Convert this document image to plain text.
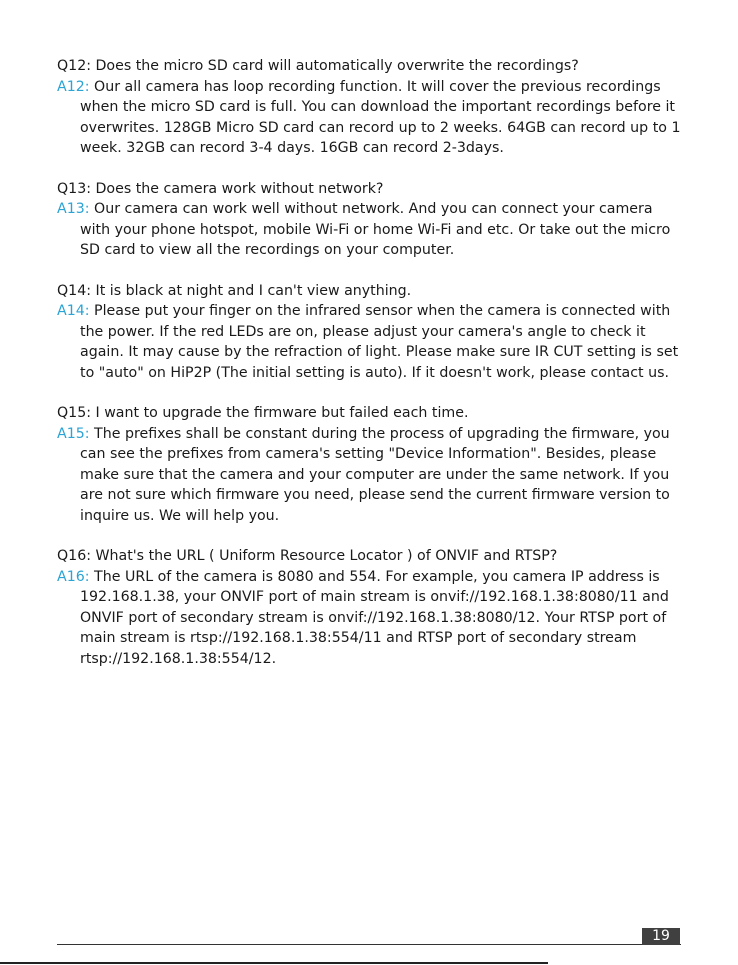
Q12: Does the micro SD card will automatically overwrite the recordings?
A12: Our all camera has loop recording function. It will cover the previous recordings when the micro SD card is full. You can download the important recordings before it overwrites. 128GB Micro SD card can record up to 2 weeks. 64GB can record up to 1 week. 32GB can record 3-4 days. 16GB can record 2-3days.
Q13: Does the camera work without network?
A13: Our camera can work well without network. And you can connect your camera with your phone hotspot, mobile Wi-Fi or home Wi-Fi and etc. Or take out the micro SD card to view all the recordings on your computer.
Q14: It is black at night and I can't view anything.
A14: Please put your finger on the infrared sensor when the camera is connected with the power. If the red LEDs are on, please adjust your camera's angle to check it again. It may cause by the refraction of light. Please make sure IR CUT setting is set to "auto" on HiP2P (The initial setting is auto). If it doesn't work, please contact us.
Q15: I want to upgrade the firmware but failed each time.
A15: The prefixes shall be constant during the process of upgrading the firmware, you can see the prefixes from camera's setting "Device Information". Besides, please make sure that the camera and your computer are under the same network. If you are not sure which firmware you need, please send the current firmware version to inquire us. We will help you.
Q16: What's the URL ( Uniform Resource Locator ) of ONVIF and RTSP?
A16: The URL of the camera is 8080 and 554. For example, you camera IP address is 192.168.1.38, your ONVIF port of main stream is onvif://192.168.1.38:8080/11 and ONVIF port of secondary stream is onvif://192.168.1.38:8080/12. Your RTSP port of main stream is rtsp://192.168.1.38:554/11 and RTSP port of secondary stream rtsp://192.168.1.38:554/12.
19
